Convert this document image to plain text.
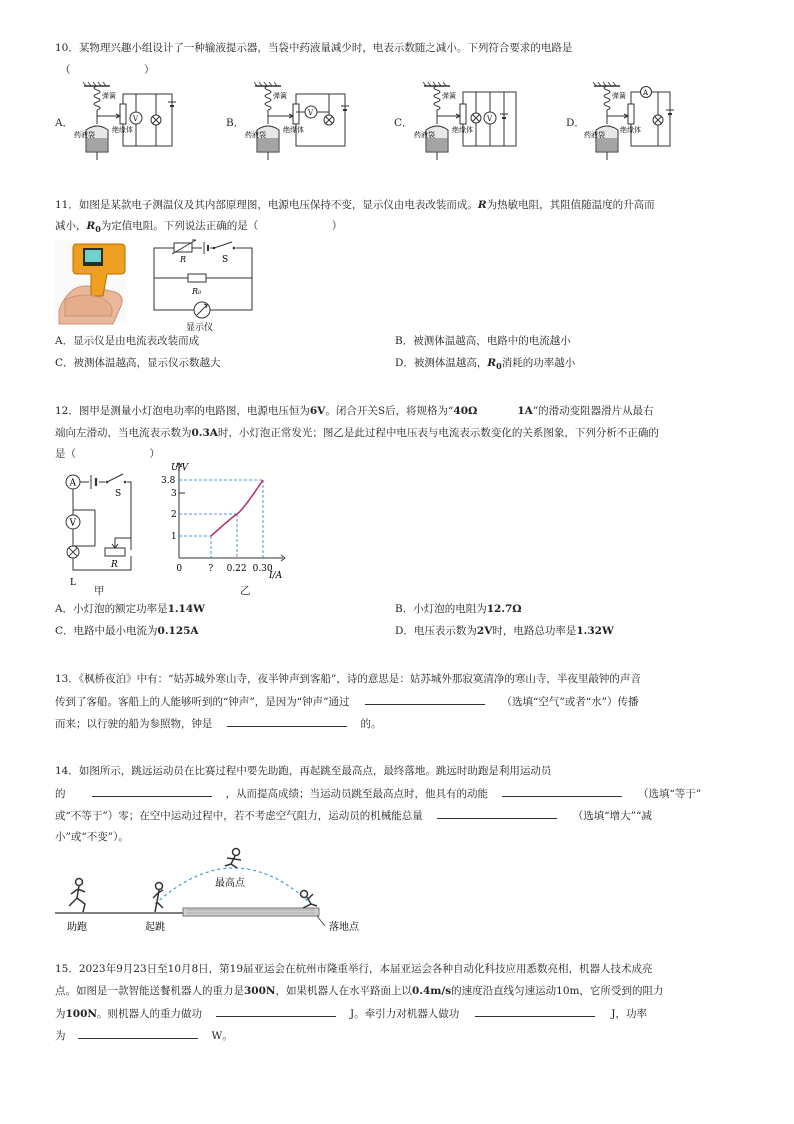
10．某物理兴趣小组设计了一种输液提示器，当袋中药液量减少时，电表示数随之减小。下列符合要求的电路是
（　　　　　　　）
A．	V
药液袋
绝缘体
弹簧
B．
V
药液袋
绝缘体
弹簧
C．	V
药液袋
绝缘体
弹簧
D．
A
药液袋
绝缘体
弹簧
11．如图是某款电子测温仪及其内部原理图，电源电压保持不变，显示仪由电表改装而成。R为热敏电阻，其阻值随温度的升高而
减小，$R_0$为定值电阻。下列说法正确的是（　　　　　　　）
R	S
R₀
显示仪
A．显示仪是由电流表改装而成	B．被测体温越高，电路中的电流越小
C．被测体温越高，显示仪示数越大	D．被测体温越高，$R_0$消耗的功率越小
12．图甲是测量小灯泡电功率的电路图，电源电压恒为6V。闭合开关S后，将规格为“40Ω	1A”的滑动变阻器滑片从最右
端向左滑动，当电流表示数为0.3A时，小灯泡正常发光；图乙是此过程中电压表与电流表示数变化的关系图象，下列分析不正确的
是（　　　　　　　）
A
S
V
L
R
甲
U/V
I/A
3.8
3
2
1
0	? 0.22 0.30
乙
A．小灯泡的额定功率是1.14W	B．小灯泡的电阻为12.7Ω
C．电路中最小电流为0.125A	D．电压表示数为2V时，电路总功率是1.32W
13．《枫桥夜泊》中有：“姑苏城外寒山寺，夜半钟声到客船”，诗的意思是：姑苏城外那寂寞清净的寒山寺，半夜里敲钟的声音
传到了客船。客船上的人能够听到的“钟声”，是因为“钟声”通过	（选填“空气”或者“水”）传播
而来；以行驶的船为参照物，钟是	的。
14．如图所示，跳远运动员在比赛过程中要先助跑，再起跳至最高点，最终落地。跳远时助跑是利用运动员
的	，从而提高成绩；当运动员跳至最高点时，他具有的动能	（选填“等于”
或“不等于”）零；在空中运动过程中，若不考虑空气阻力，运动员的机械能总量	（选填“增大”“减
小”或“不变”）。
最高点
助跑	起跳	落地点
15．2023年9月23日至10月8日，第19届亚运会在杭州市隆重举行，本届亚运会各种自动化科技应用悉数亮相，机器人技术成亮
点。如图是一款智能送餐机器人的重力是300N，如果机器人在水平路面上以0.4m/s的速度沿直线匀速运动10m，它所受到的阻力
为100N。则机器人的重力做功	J。牵引力对机器人做功	J，功率
为	W。
